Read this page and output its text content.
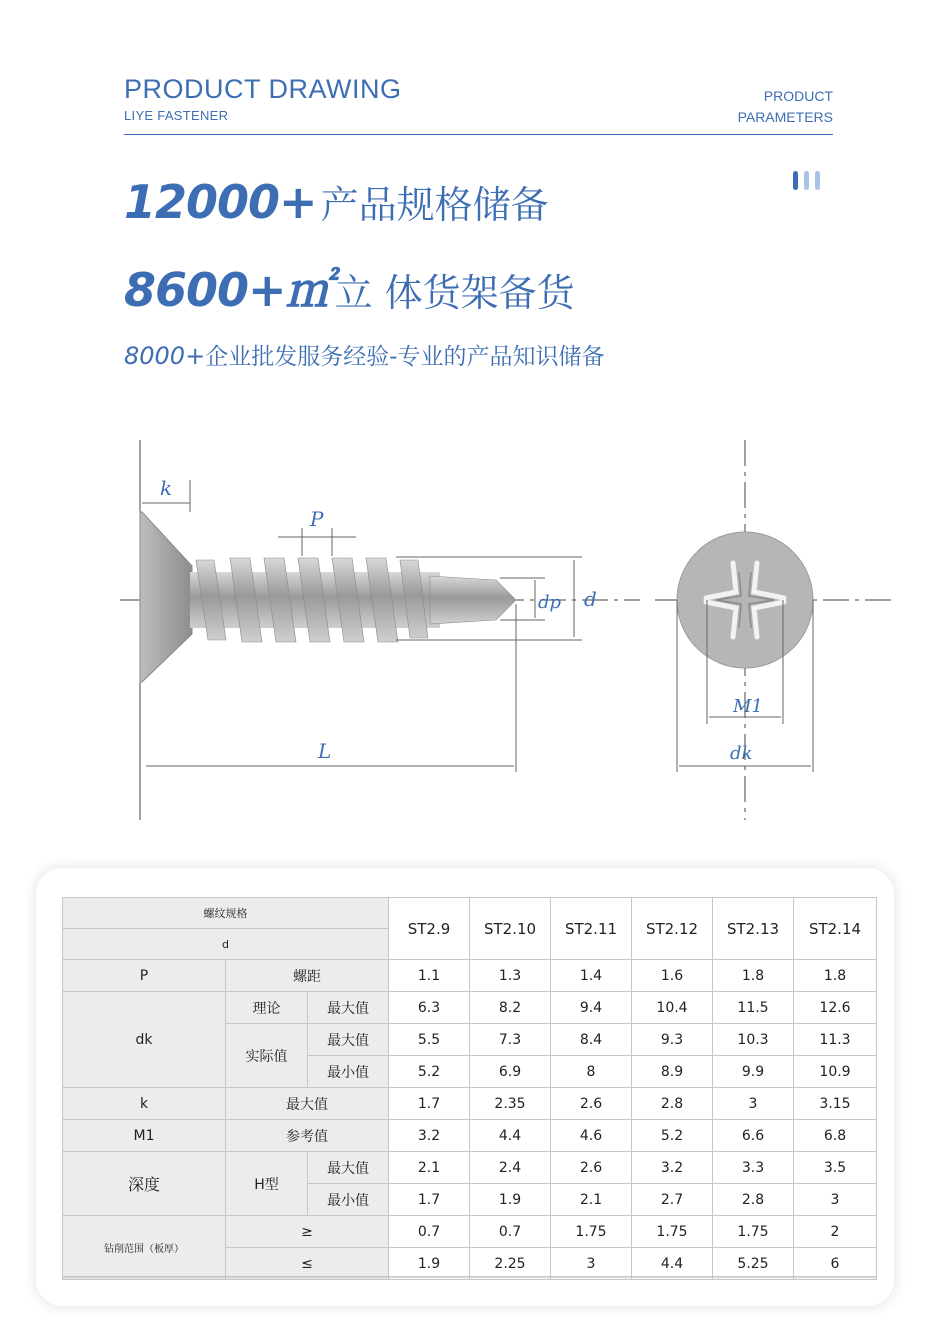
PRODUCT DRAWING
LIYE FASTENER
PRODUCT
PARAMETERS
12000+ 产品规格储备
8600+㎡ 立 体货架备货
8000+ 企业批发服务经验-专业的产品知识储备
k
P
d
dp
L
M1
dk
螺纹规格			ST2.9	ST2.10	ST2.11	ST2.12	ST2.13	ST2.14
d								
P	螺距		1.1	1.3	1.4	1.6	1.8	1.8
dk	理论	最大值	6.3	8.2	9.4	10.4	11.5	12.6
	实际值	最大值	5.5	7.3	8.4	9.3	10.3	11.3
		最小值	5.2	6.9	8	8.9	9.9	10.9
k	最大值		1.7	2.35	2.6	2.8	3	3.15
M1	参考值		3.2	4.4	4.6	5.2	6.6	6.8
深度	H型	最大值	2.1	2.4	2.6	3.2	3.3	3.5
		最小值	1.7	1.9	2.1	2.7	2.8	3
钻削范围（板厚）	≥		0.7	0.7	1.75	1.75	1.75	2
	≤		1.9	2.25	3	4.4	5.25	6
